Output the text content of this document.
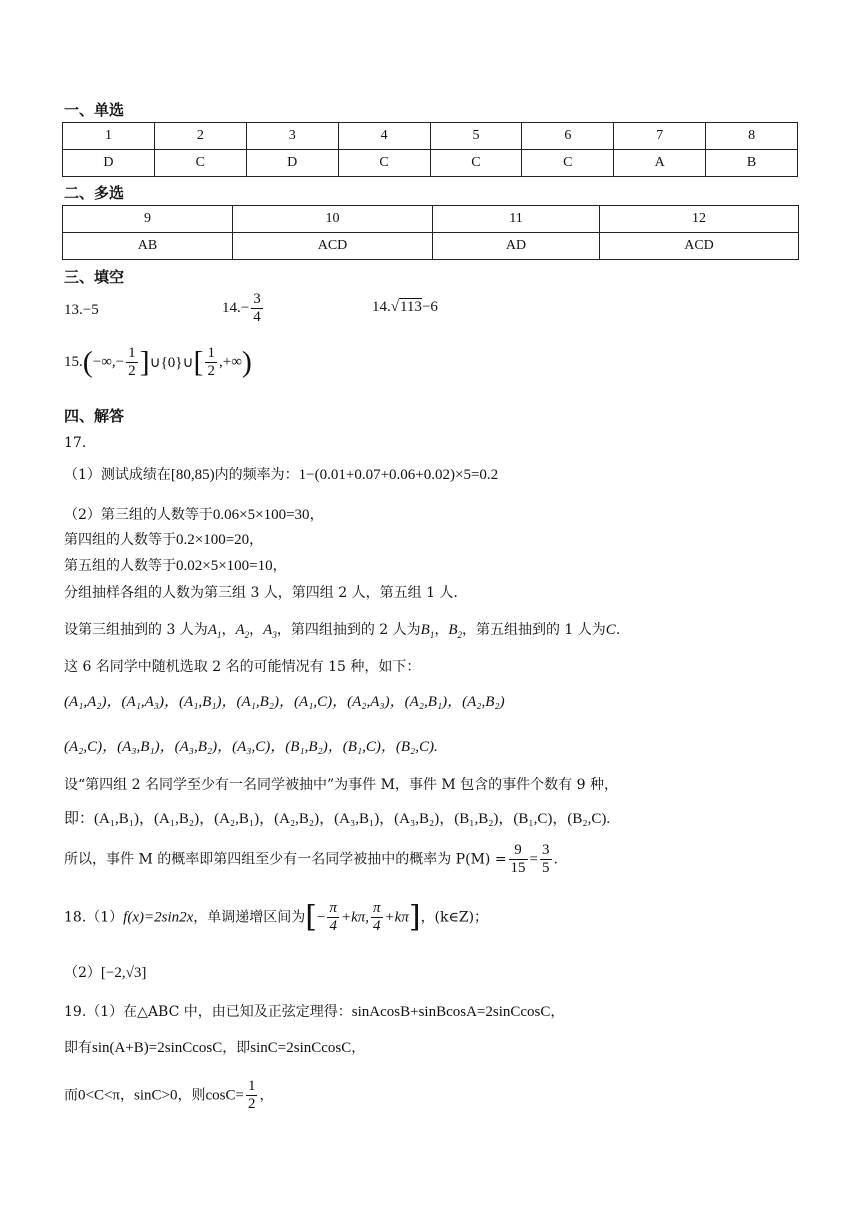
一、单选
1	2	3	4	5	6	7	8
D	C	D	C	C	C	A	B
二、多选
9	10	11	12
AB	ACD	AD	ACD
三、填空
13.−5	$14.- \frac{3}{4}$	14.√113−6
$15.(-\infty,- \frac{1}{2}$ ]∪{0}∪[ $\frac{1}{2}$ ,+∞)
四、解答
17.
（1）测试成绩在[80,85)内的频率为：1−(0.01+0.07+0.06+0.02)×5=0.2
（2）第三组的人数等于0.06×5×100=30，
第四组的人数等于0.2×100=20，
第五组的人数等于0.02×5×100=10，
分组抽样各组的人数为第三组 3 人，第四组 2 人，第五组 1 人.
设第三组抽到的 3 人为$A_1$，$A_2$，$A_3$，第四组抽到的 2 人为$B_1$，$B_2$，第五组抽到的 1 人为C.
这 6 名同学中随机选取 2 名的可能情况有 15 种，如下：
(A₁,A₂)，(A₁,A₃)，(A₁,B₁)，(A₁,B₂)，(A₁,C)，(A₂,A₃)，(A₂,B₁)，(A₂,B₂)
(A₂,C)，(A₃,B₁)，(A₃,B₂)，(A₃,C)，(B₁,B₂)，(B₁,C)，(B₂,C).
设“第四组 2 名同学至少有一名同学被抽中”为事件 M，事件 M 包含的事件个数有 9 种，
即：(A₁,B₁)，(A₁,B₂)，(A₂,B₁)，(A₂,B₂)，(A₃,B₁)，(A₃,B₂)，(B₁,B₂)，(B₁,C)，(B₂,C).
所以，事件 M 的概率即第四组至少有一名同学被抽中的概率为 $P(M) = \frac{9}{15} = \frac{3}{5}$ .
18.（1）f(x)=2sin2x，单调递增区间为[− $\frac{\pi}{4} +k\pi$, $\frac{\pi}{4} +k\pi$]，(k∈Z)；
（2）[−2,√3]
19.（1）在△ABC 中，由已知及正弦定理得：sinAcosB+sinBcosA=2sinCcosC，
即有sin(A+B)=2sinCcosC，即sinC=2sinCcosC，
而0<C<π，sinC>0，则$\cos C= \frac{1}{2}$ ，
